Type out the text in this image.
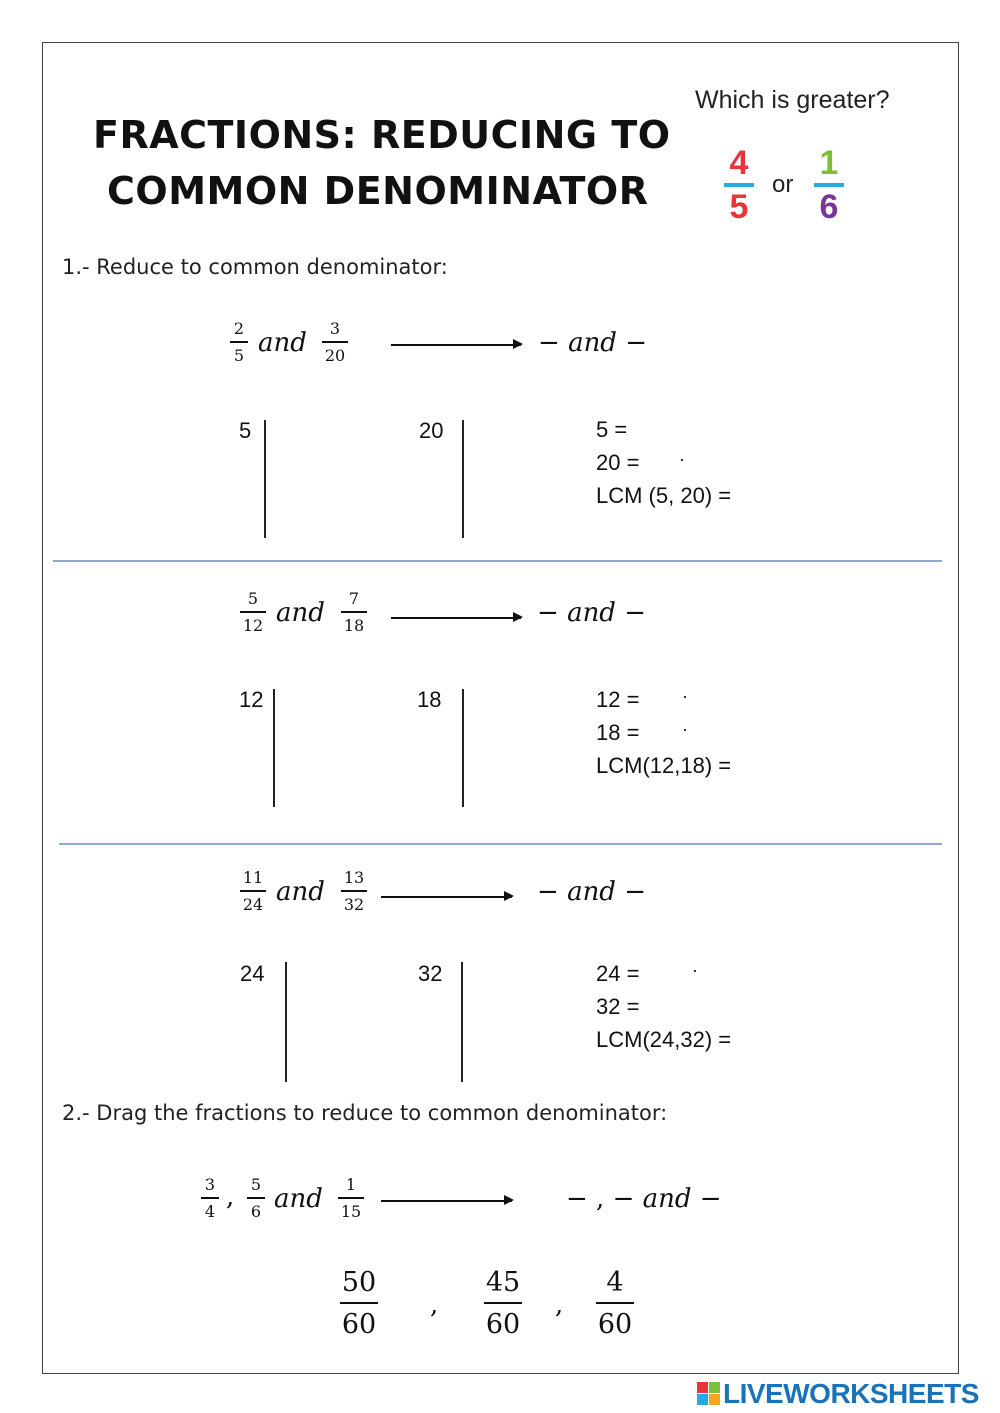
FRACTIONS: REDUCING TO
COMMON DENOMINATOR
Which is greater?
4
5
or
1
6
1.- Reduce to common denominator:
2
5 and	3
20	− and −
5	20	5 =
20 = ·
LCM (5, 20) =
5
12 and	7
18	− and −
12	18	12 = ·
18 = ·
LCM(12,18) =
11
24 and 13
32	− and −
24	32	24 =	·
32 =
LCM(24,32) =
2.- Drag the fractions to reduce to common denominator:
3
4 , 5
6 and	1
15	− , − and −
50
60
,
45
60
,
4
60
LIVEWORKSHEETS
